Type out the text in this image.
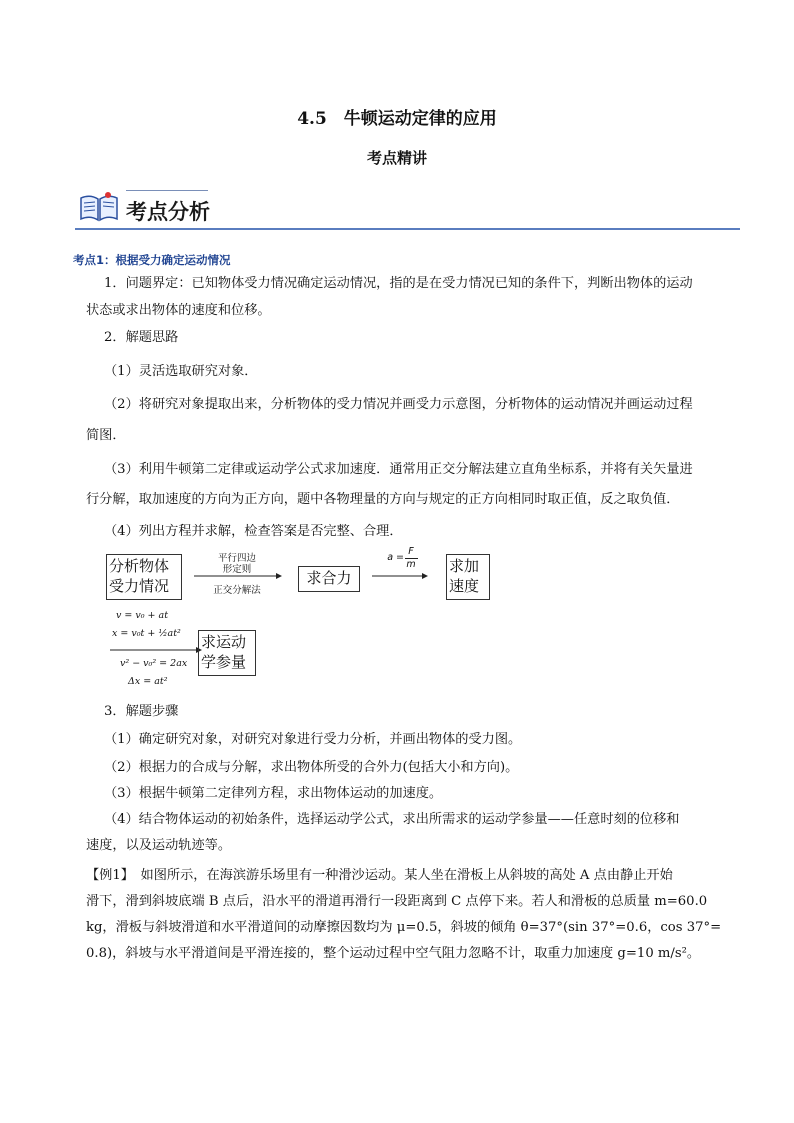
4.5　牛顿运动定律的应用
考点精讲
考点分析
考点1：根据受力确定运动情况
1．问题界定：已知物体受力情况确定运动情况，指的是在受力情况已知的条件下，判断出物体的运动
状态或求出物体的速度和位移。
2．解题思路
（1）灵活选取研究对象．
（2）将研究对象提取出来，分析物体的受力情况并画受力示意图，分析物体的运动情况并画运动过程
简图．
（3）利用牛顿第二定律或运动学公式求加速度．通常用正交分解法建立直角坐标系，并将有关矢量进
行分解，取加速度的方向为正方向，题中各物理量的方向与规定的正方向相同时取正值，反之取负值．
（4）列出方程并求解，检查答案是否完整、合理．
分析物体
受力情况
平行四边
形定则
正交分解法
求合力
a =
F
m 求加
速度
v = v₀ + at
x = v₀t + ½at²
v² − v₀² = 2ax
Δx = at²
求运动
学参量
3．解题步骤
（1）确定研究对象，对研究对象进行受力分析，并画出物体的受力图。
（2）根据力的合成与分解，求出物体所受的合外力(包括大小和方向)。
（3）根据牛顿第二定律列方程，求出物体运动的加速度。
（4）结合物体运动的初始条件，选择运动学公式，求出所需求的运动学参量——任意时刻的位移和
速度，以及运动轨迹等。
【例1】　如图所示，在海滨游乐场里有一种滑沙运动。某人坐在滑板上从斜坡的高处 A 点由静止开始
滑下，滑到斜坡底端 B 点后，沿水平的滑道再滑行一段距离到 C 点停下来。若人和滑板的总质量 m=60.0
kg，滑板与斜坡滑道和水平滑道间的动摩擦因数均为 μ=0.5，斜坡的倾角 θ=37°(sin 37°=0.6，cos 37°=
0.8)，斜坡与水平滑道间是平滑连接的，整个运动过程中空气阻力忽略不计，取重力加速度 g=10 m/s²。
